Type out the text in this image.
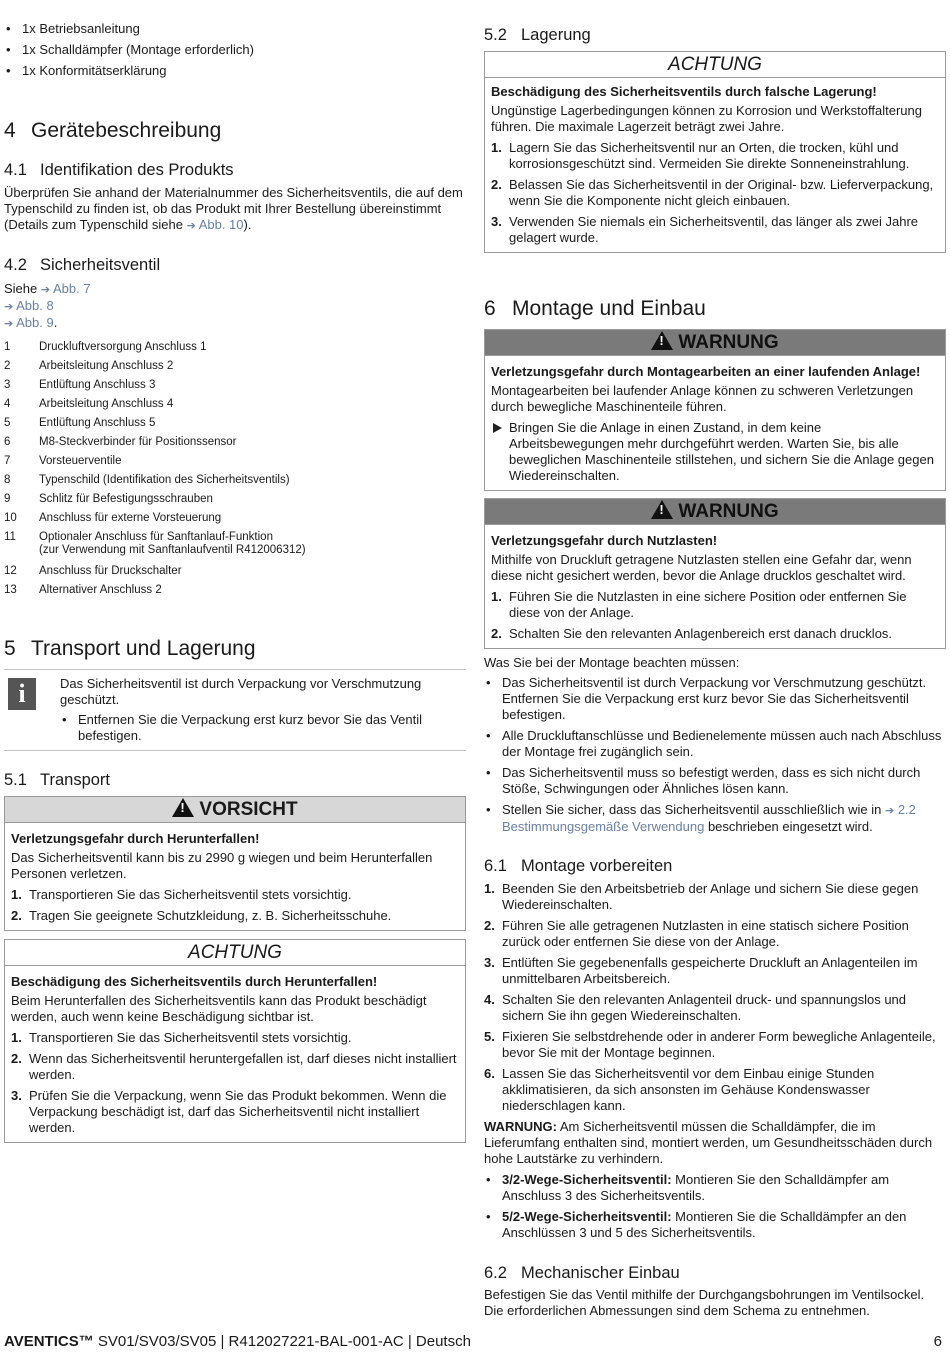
• 1x Betriebsanleitung
• 1x Schalldämpfer (Montage erforderlich)
• 1x Konformitätserklärung
4 Gerätebeschreibung
4.1 Identifikation des Produkts

Überprüfen Sie anhand der Materialnummer des Sicherheitsventils, die auf dem Typenschild zu finden ist, ob das Produkt mit Ihrer Bestellung übereinstimmt (Details zum Typenschild siehe ➔ Abb. 10).

4.2 Sicherheitsventil

Siehe ➔ Abb. 7
➔ Abb. 8
➔ Abb. 9.

1	Druckluftversorgung Anschluss 1
2	Arbeitsleitung Anschluss 2
3	Entlüftung Anschluss 3
4	Arbeitsleitung Anschluss 4
5	Entlüftung Anschluss 5
6	M8-Steckverbinder für Positionssensor
7	Vorsteuerventile
8	Typenschild (Identifikation des Sicherheitsventils)
9	Schlitz für Befestigungsschrauben
10	Anschluss für externe Vorsteuerung
11	Optionaler Anschluss für Sanftanlauf-Funktion
(zur Verwendung mit Sanftanlaufventil R412006312)
12	Anschluss für Druckschalter
13	Alternativer Anschluss 2
5 Transport und Lagerung
i	Das Sicherheitsventil ist durch Verpackung vor Verschmutzung geschützt.

• Entfernen Sie die Verpackung erst kurz bevor Sie das Ventil befestigen.
5.1 Transport
!VORSICHT

Verletzungsgefahr durch Herunterfallen!

Das Sicherheitsventil kann bis zu 2990 g wiegen und beim Herunterfallen Personen verletzen.

1. Transportieren Sie das Sicherheitsventil stets vorsichtig.
2. Tragen Sie geeignete Schutzkleidung, z. B. Sicherheitsschuhe.
ACHTUNG

Beschädigung des Sicherheitsventils durch Herunterfallen!

Beim Herunterfallen des Sicherheitsventils kann das Produkt beschädigt werden, auch wenn keine Beschädigung sichtbar ist.

1. Transportieren Sie das Sicherheitsventil stets vorsichtig.
2. Wenn das Sicherheitsventil heruntergefallen ist, darf dieses nicht installiert werden.
3. Prüfen Sie die Verpackung, wenn Sie das Produkt bekommen. Wenn die Verpackung beschädigt ist, darf das Sicherheitsventil nicht installiert werden.
5.2 Lagerung
ACHTUNG

Beschädigung des Sicherheitsventils durch falsche Lagerung!

Ungünstige Lagerbedingungen können zu Korrosion und Werkstoffalterung führen. Die maximale Lagerzeit beträgt zwei Jahre.

1. Lagern Sie das Sicherheitsventil nur an Orten, die trocken, kühl und korrosionsgeschützt sind. Vermeiden Sie direkte Sonneneinstrahlung.
2. Belassen Sie das Sicherheitsventil in der Original- bzw. Lieferverpackung, wenn Sie die Komponente nicht gleich einbauen.
3. Verwenden Sie niemals ein Sicherheitsventil, das länger als zwei Jahre gelagert wurde.
6 Montage und Einbau
!WARNUNG

Verletzungsgefahr durch Montagearbeiten an einer laufenden Anlage!

Montagearbeiten bei laufender Anlage können zu schweren Verletzungen durch bewegliche Maschinenteile führen.

Bringen Sie die Anlage in einen Zustand, in dem keine Arbeitsbewegungen mehr durchgeführt werden. Warten Sie, bis alle beweglichen Maschinenteile stillstehen, und sichern Sie die Anlage gegen Wiedereinschalten.
!WARNUNG

Verletzungsgefahr durch Nutzlasten!

Mithilfe von Druckluft getragene Nutzlasten stellen eine Gefahr dar, wenn diese nicht gesichert werden, bevor die Anlage drucklos geschaltet wird.

1. Führen Sie die Nutzlasten in eine sichere Position oder entfernen Sie diese von der Anlage.
2. Schalten Sie den relevanten Anlagenbereich erst danach drucklos.

Was Sie bei der Montage beachten müssen:

• Das Sicherheitsventil ist durch Verpackung vor Verschmutzung geschützt. Entfernen Sie die Verpackung erst kurz bevor Sie das Sicherheitsventil befestigen.
• Alle Druckluftanschlüsse und Bedienelemente müssen auch nach Abschluss der Montage frei zugänglich sein.
• Das Sicherheitsventil muss so befestigt werden, dass es sich nicht durch Stöße, Schwingungen oder Ähnliches lösen kann.
• Stellen Sie sicher, dass das Sicherheitsventil ausschließlich wie in ➔ 2.2 Bestimmungsgemäße Verwendung beschrieben eingesetzt wird.
6.1 Montage vorbereiten
1. Beenden Sie den Arbeitsbetrieb der Anlage und sichern Sie diese gegen Wiedereinschalten.
2. Führen Sie alle getragenen Nutzlasten in eine statisch sichere Position zurück oder entfernen Sie diese von der Anlage.
3. Entlüften Sie gegebenenfalls gespeicherte Druckluft an Anlagenteilen im unmittelbaren Arbeitsbereich.
4. Schalten Sie den relevanten Anlagenteil druck- und spannungslos und sichern Sie ihn gegen Wiedereinschalten.
5. Fixieren Sie selbstdrehende oder in anderer Form bewegliche Anlagenteile, bevor Sie mit der Montage beginnen.
6. Lassen Sie das Sicherheitsventil vor dem Einbau einige Stunden akklimatisieren, da sich ansonsten im Gehäuse Kondenswasser niederschlagen kann.

WARNUNG: Am Sicherheitsventil müssen die Schalldämpfer, die im Lieferumfang enthalten sind, montiert werden, um Gesundheitsschäden durch hohe Lautstärke zu verhindern.

• 3/2-Wege-Sicherheitsventil: Montieren Sie den Schalldämpfer am Anschluss 3 des Sicherheitsventils.
• 5/2-Wege-Sicherheitsventil: Montieren Sie die Schalldämpfer an den Anschlüssen 3 und 5 des Sicherheitsventils.
6.2 Mechanischer Einbau

Befestigen Sie das Ventil mithilfe der Durchgangsbohrungen im Ventilsockel. Die erforderlichen Abmessungen sind dem Schema zu entnehmen.

AVENTICS™ SV01/SV03/SV05 | R412027221-BAL-001-AC | Deutsch	6
